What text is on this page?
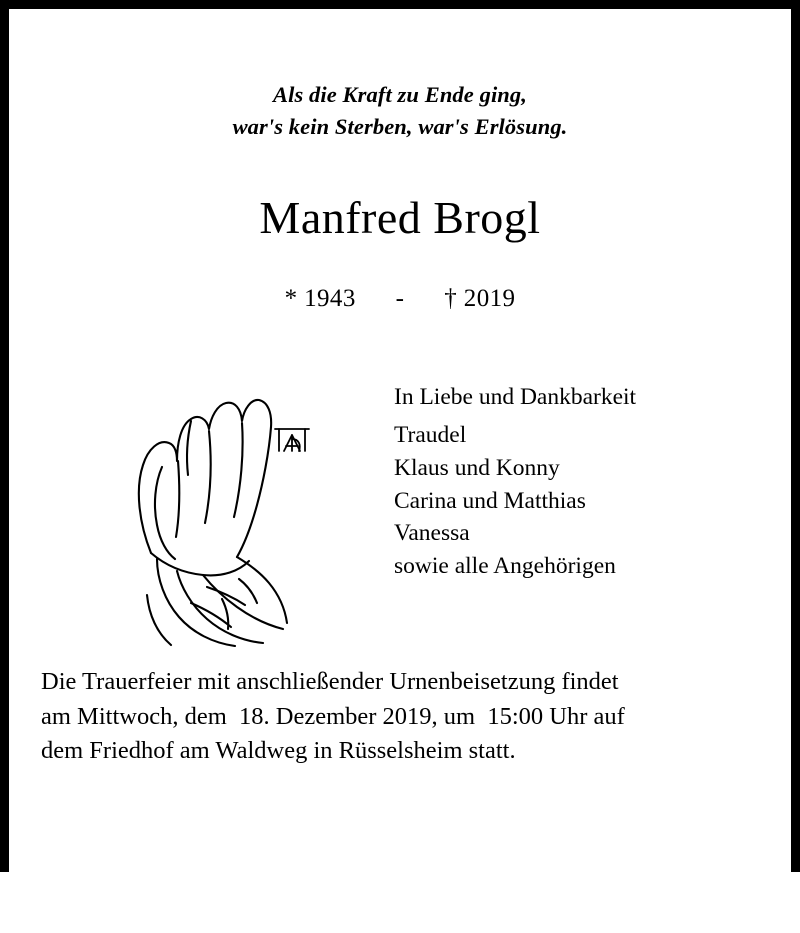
Als die Kraft zu Ende ging,
war's kein Sterben, war's Erlösung.
Manfred Brogl
* 1943      -      † 2019
In Liebe und Dankbarkeit
Traudel
Klaus und Konny
Carina und Matthias
Vanessa
sowie alle Angehörigen
Die Trauerfeier mit anschließender Urnenbeisetzung findet
am Mittwoch, dem  18. Dezember 2019, um  15:00 Uhr auf
dem Friedhof am Waldweg in Rüsselsheim statt.
